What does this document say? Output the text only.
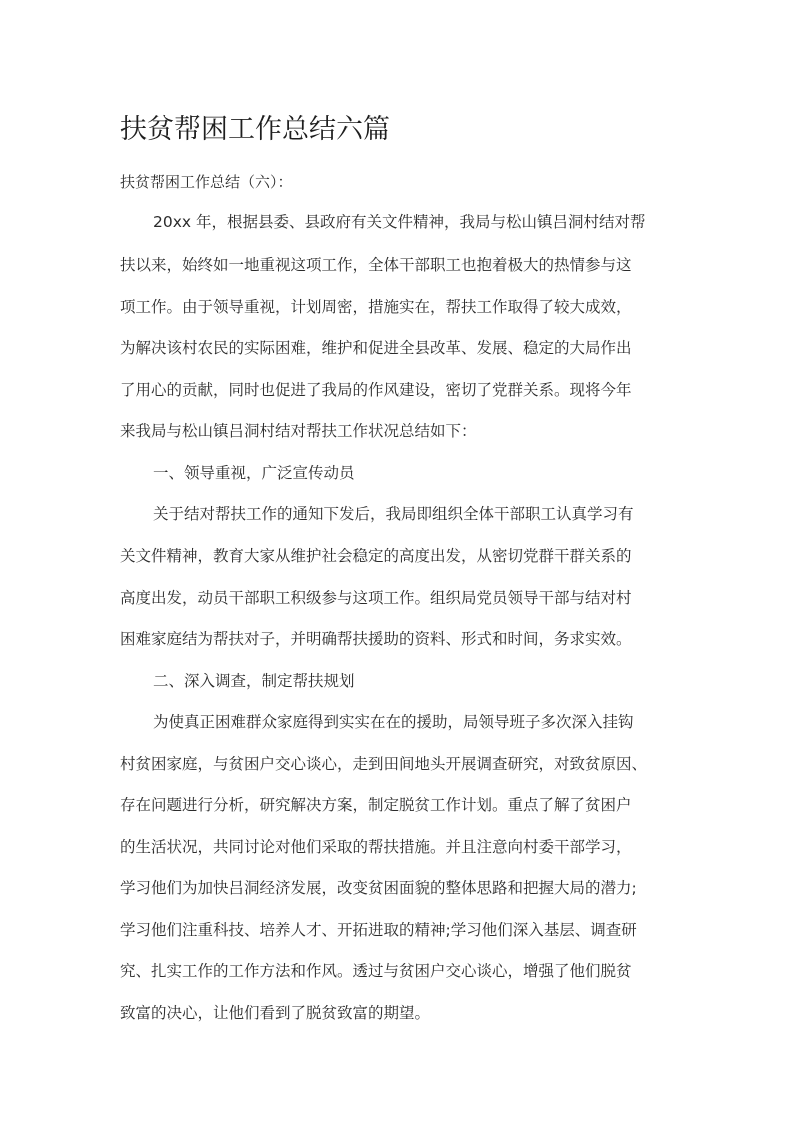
扶贫帮困工作总结六篇

扶贫帮困工作总结（六）：

20xx 年，根据县委、县政府有关文件精神，我局与松山镇吕洞村结对帮

扶以来，始终如一地重视这项工作，全体干部职工也抱着极大的热情参与这

项工作。由于领导重视，计划周密，措施实在，帮扶工作取得了较大成效，

为解决该村农民的实际困难，维护和促进全县改革、发展、稳定的大局作出

了用心的贡献，同时也促进了我局的作风建设，密切了党群关系。现将今年

来我局与松山镇吕洞村结对帮扶工作状况总结如下：

一、领导重视，广泛宣传动员

关于结对帮扶工作的通知下发后，我局即组织全体干部职工认真学习有

关文件精神，教育大家从维护社会稳定的高度出发，从密切党群干群关系的

高度出发，动员干部职工积级参与这项工作。组织局党员领导干部与结对村

困难家庭结为帮扶对子，并明确帮扶援助的资料、形式和时间，务求实效。

二、深入调查，制定帮扶规划

为使真正困难群众家庭得到实实在在的援助，局领导班子多次深入挂钩

村贫困家庭，与贫困户交心谈心，走到田间地头开展调查研究，对致贫原因、

存在问题进行分析，研究解决方案，制定脱贫工作计划。重点了解了贫困户

的生活状况，共同讨论对他们采取的帮扶措施。并且注意向村委干部学习，

学习他们为加快吕洞经济发展，改变贫困面貌的整体思路和把握大局的潜力;

学习他们注重科技、培养人才、开拓进取的精神;学习他们深入基层、调查研

究、扎实工作的工作方法和作风。透过与贫困户交心谈心，增强了他们脱贫

致富的决心，让他们看到了脱贫致富的期望。
